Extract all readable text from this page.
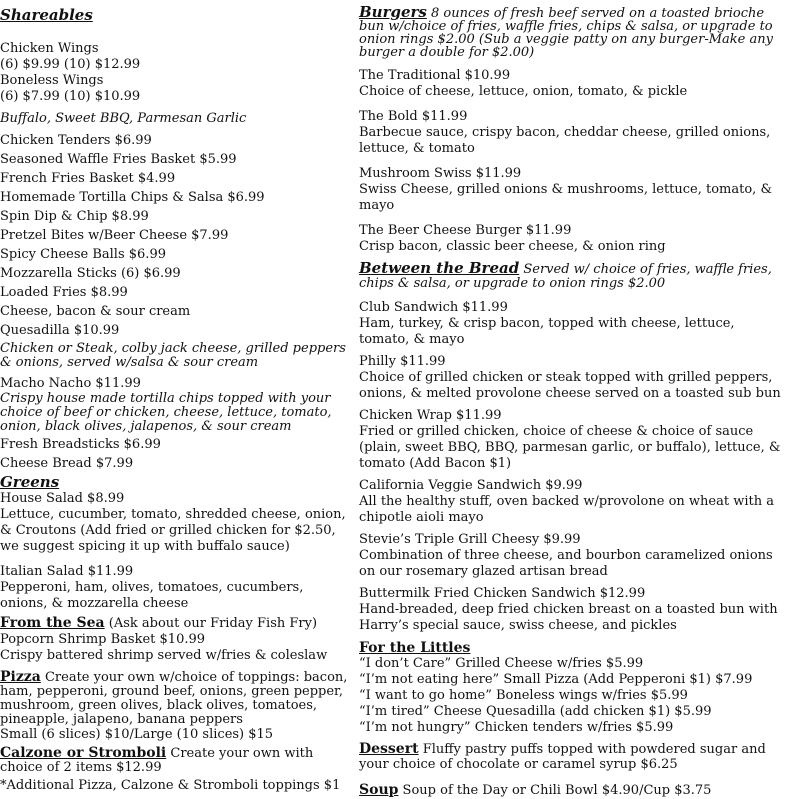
Shareables
Chicken Wings
(6) $9.99 (10) $12.99
Boneless Wings
(6) $7.99 (10) $10.99
Buffalo, Sweet BBQ, Parmesan Garlic
Chicken Tenders $6.99
Seasoned Waffle Fries Basket $5.99
French Fries Basket $4.99
Homemade Tortilla Chips & Salsa $6.99
Spin Dip & Chip $8.99
Pretzel Bites w/Beer Cheese $7.99
Spicy Cheese Balls $6.99
Mozzarella Sticks (6) $6.99
Loaded Fries $8.99
Cheese, bacon & sour cream
Quesadilla $10.99
Chicken or Steak, colby jack cheese, grilled peppers & onions, served w/salsa & sour cream
Macho Nacho $11.99
Crispy house made tortilla chips topped with your choice of beef or chicken, cheese, lettuce, tomato, onion, black olives, jalapenos, & sour cream
Fresh Breadsticks $6.99
Cheese Bread $7.99
Greens
House Salad $8.99
Lettuce, cucumber, tomato, shredded cheese, onion, & Croutons (Add fried or grilled chicken for $2.50, we suggest spicing it up with buffalo sauce)
Italian Salad $11.99
Pepperoni, ham, olives, tomatoes, cucumbers, onions, & mozzarella cheese
From the Sea (Ask about our Friday Fish Fry)
Popcorn Shrimp Basket $10.99
Crispy battered shrimp served w/fries & coleslaw
Pizza Create your own w/choice of toppings: bacon, ham, pepperoni, ground beef, onions, green pepper, mushroom, green olives, black olives, tomatoes, pineapple, jalapeno, banana peppers
Small (6 slices) $10/Large (10 slices) $15
Calzone or Stromboli Create your own with choice of 2 items $12.99
*Additional Pizza, Calzone & Stromboli toppings $1
Burgers 8 ounces of fresh beef served on a toasted brioche bun w/choice of fries, waffle fries, chips & salsa, or upgrade to onion rings $2.00 (Sub a veggie patty on any burger-Make any burger a double for $2.00)
The Traditional $10.99
Choice of cheese, lettuce, onion, tomato, & pickle
The Bold $11.99
Barbecue sauce, crispy bacon, cheddar cheese, grilled onions, lettuce, & tomato
Mushroom Swiss $11.99
Swiss Cheese, grilled onions & mushrooms, lettuce, tomato, & mayo
The Beer Cheese Burger $11.99
Crisp bacon, classic beer cheese, & onion ring
Between the Bread Served w/ choice of fries, waffle fries, chips & salsa, or upgrade to onion rings $2.00
Club Sandwich $11.99
Ham, turkey, & crisp bacon, topped with cheese, lettuce, tomato, & mayo
Philly $11.99
Choice of grilled chicken or steak topped with grilled peppers, onions, & melted provolone cheese served on a toasted sub bun
Chicken Wrap $11.99
Fried or grilled chicken, choice of cheese & choice of sauce (plain, sweet BBQ, BBQ, parmesan garlic, or buffalo), lettuce, & tomato (Add Bacon $1)
California Veggie Sandwich $9.99
All the healthy stuff, oven backed w/provolone on wheat with a chipotle aioli mayo
Stevie’s Triple Grill Cheesy $9.99
Combination of three cheese, and bourbon caramelized onions on our rosemary glazed artisan bread
Buttermilk Fried Chicken Sandwich $12.99
Hand-breaded, deep fried chicken breast on a toasted bun with Harry’s special sauce, swiss cheese, and pickles
For the Littles
“I don’t Care” Grilled Cheese w/fries $5.99
“I’m not eating here” Small Pizza (Add Pepperoni $1) $7.99
“I want to go home” Boneless wings w/fries $5.99
“I’m tired” Cheese Quesadilla (add chicken $1) $5.99
“I’m not hungry” Chicken tenders w/fries $5.99
Dessert Fluffy pastry puffs topped with powdered sugar and your choice of chocolate or caramel syrup $6.25
Soup Soup of the Day or Chili Bowl $4.90/Cup $3.75
